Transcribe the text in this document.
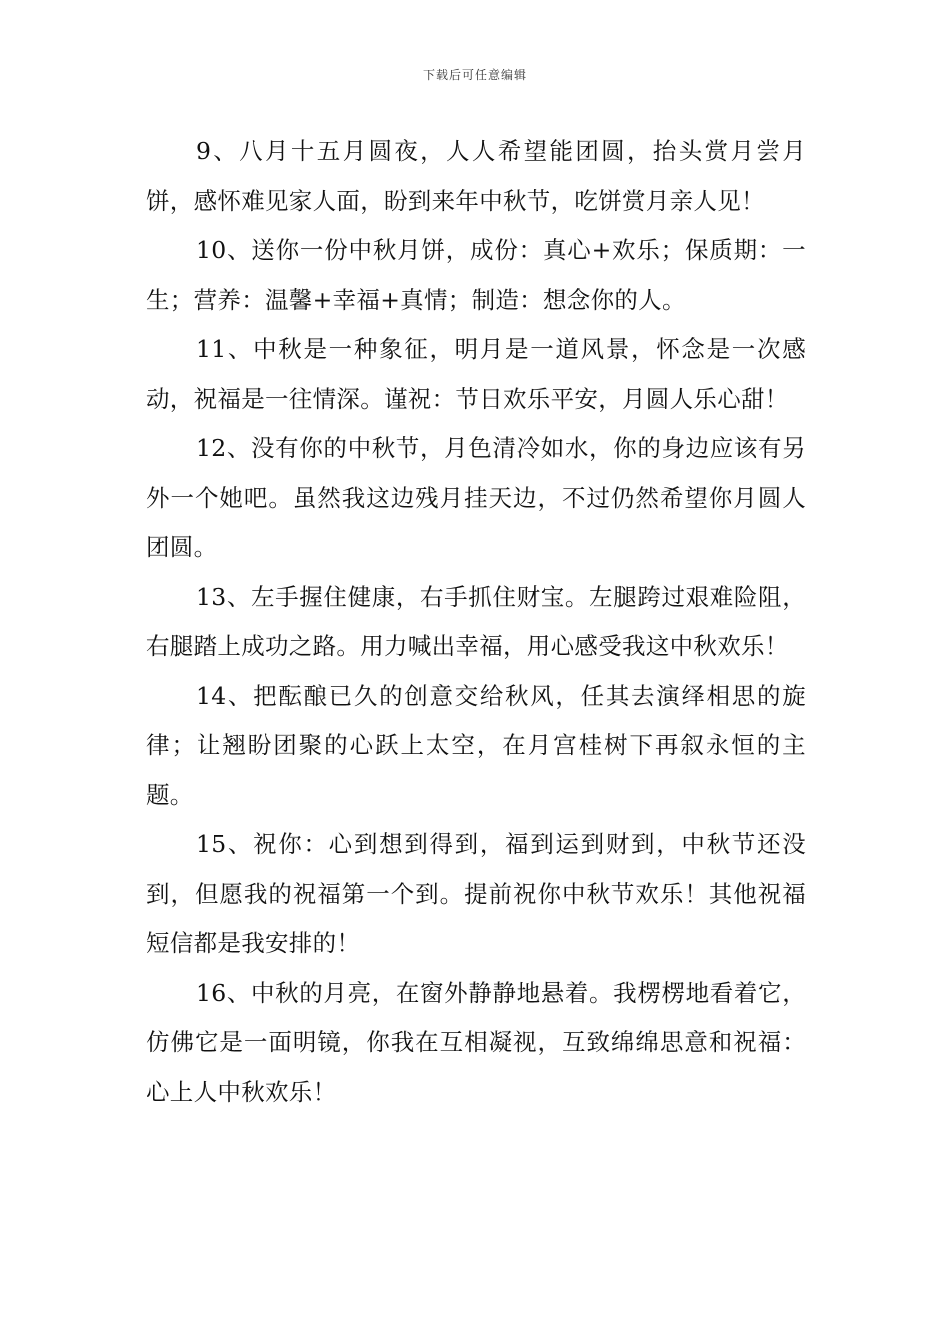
下载后可任意编辑

9、八月十五月圆夜，人人希望能团圆，抬头赏月尝月饼，感怀难见家人面，盼到来年中秋节，吃饼赏月亲人见！

10、送你一份中秋月饼，成份：真心+欢乐；保质期：一生；营养：温馨+幸福+真情；制造：想念你的人。

11、中秋是一种象征，明月是一道风景，怀念是一次感动，祝福是一往情深。谨祝：节日欢乐平安，月圆人乐心甜！

12、没有你的中秋节，月色清冷如水，你的身边应该有另外一个她吧。虽然我这边残月挂天边，不过仍然希望你月圆人团圆。

13、左手握住健康，右手抓住财宝。左腿跨过艰难险阻，右腿踏上成功之路。用力喊出幸福，用心感受我这中秋欢乐！

14、把酝酿已久的创意交给秋风，任其去演绎相思的旋律；让翘盼团聚的心跃上太空，在月宫桂树下再叙永恒的主题。

15、祝你：心到想到得到，福到运到财到，中秋节还没到，但愿我的祝福第一个到。提前祝你中秋节欢乐！其他祝福短信都是我安排的！

16、中秋的月亮，在窗外静静地悬着。我楞楞地看着它，仿佛它是一面明镜，你我在互相凝视，互致绵绵思意和祝福：心上人中秋欢乐！
